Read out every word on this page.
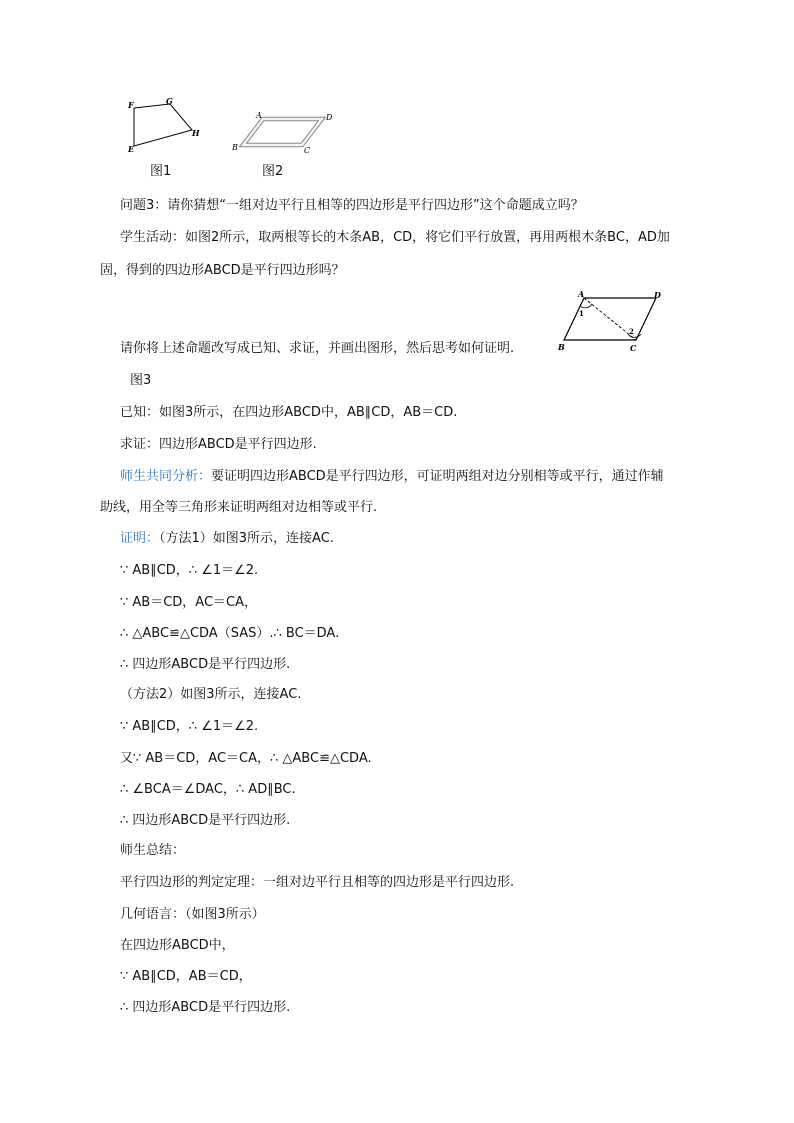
F	G
H
E
图1
A	D
B	C
图2
A	D
B	C
1
2
图3
问题3：请你猜想“一组对边平行且相等的四边形是平行四边形”这个命题成立吗？
学生活动：如图2所示，取两根等长的木条AB，CD，将它们平行放置，再用两根木条BC，AD加
固，得到的四边形ABCD是平行四边形吗？
请你将上述命题改写成已知、求证，并画出图形，然后思考如何证明.
已知：如图3所示，在四边形ABCD中，AB∥CD，AB＝CD.
求证：四边形ABCD是平行四边形.
师生共同分析：要证明四边形ABCD是平行四边形，可证明两组对边分别相等或平行，通过作辅
助线，用全等三角形来证明两组对边相等或平行.
证明：（方法1）如图3所示，连接AC.
∵ AB∥CD，∴ ∠1＝∠2.
∵ AB＝CD，AC＝CA，
∴ △ABC≌△CDA（SAS）.∴ BC＝DA.
∴ 四边形ABCD是平行四边形.
（方法2）如图3所示，连接AC.
∵ AB∥CD，∴ ∠1＝∠2.
又∵ AB＝CD，AC＝CA，∴ △ABC≌△CDA.
∴ ∠BCA＝∠DAC，∴ AD∥BC.
∴ 四边形ABCD是平行四边形.
师生总结：
平行四边形的判定定理：一组对边平行且相等的四边形是平行四边形.
几何语言：（如图3所示）
在四边形ABCD中，
∵ AB∥CD，AB＝CD，
∴ 四边形ABCD是平行四边形.
